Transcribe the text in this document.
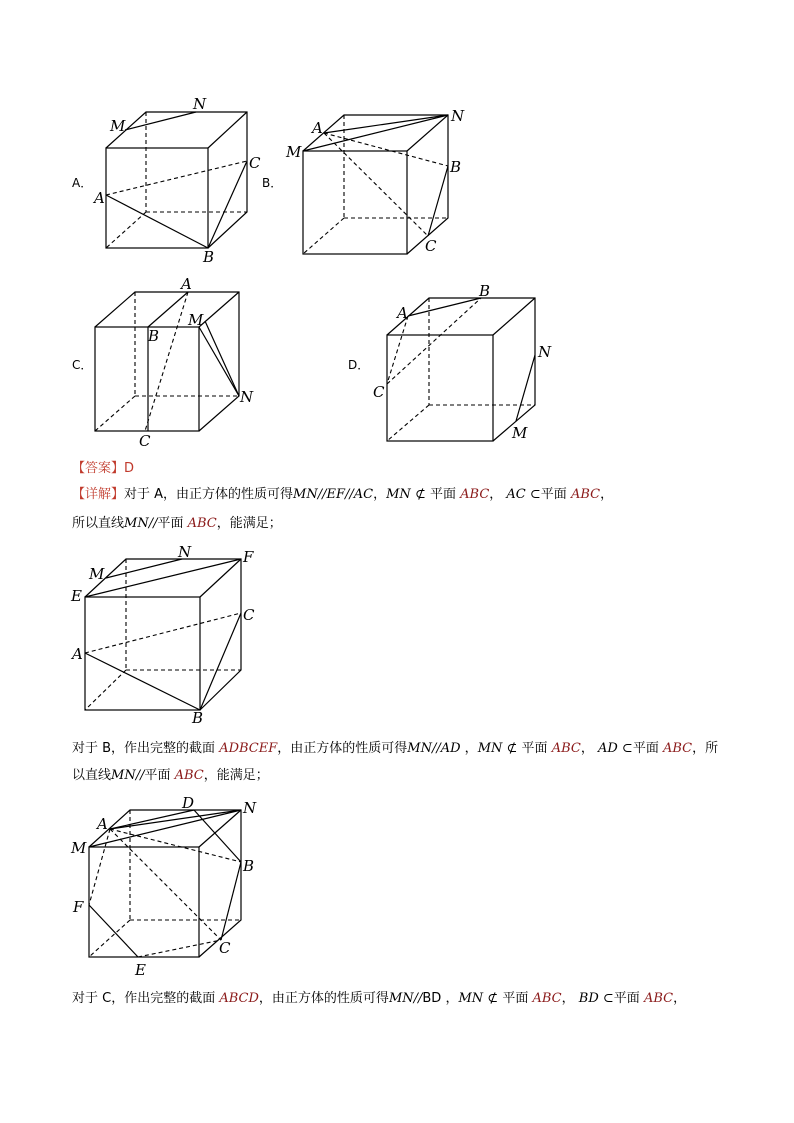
A．
M
N
C
A
B
B．
A
N
M
B
C
C．
A
M
B
N
C
D．
A
B
N
C
M
【答案】D
【详解】对于 A，由正方体的性质可得MN//EF//AC，MN ⊄ 平面 ABC， AC ⊂平面 ABC，
所以直线MN//平面 ABC，能满足；
M
N	F
E
C
A
B
对于 B，作出完整的截面 ADBCEF，由正方体的性质可得MN//AD ，MN ⊄ 平面 ABC， AD ⊂平面 ABC，所
以直线MN//平面 ABC，能满足；
A
D	N
M
B
F
C
E
对于 C，作出完整的截面 ABCD，由正方体的性质可得MN//BD ，MN ⊄ 平面 ABC， BD ⊂平面 ABC，
